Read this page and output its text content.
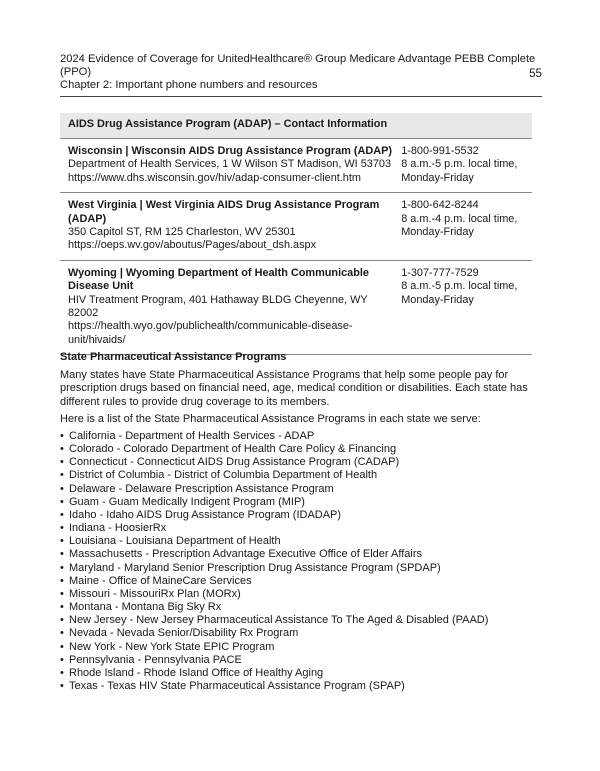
2024 Evidence of Coverage for UnitedHealthcare® Group Medicare Advantage PEBB Complete
(PPO)
Chapter 2: Important phone numbers and resources
55
AIDS Drug Assistance Program (ADAP) – Contact Information
Wisconsin | Wisconsin AIDS Drug Assistance Program (ADAP)
Department of Health Services, 1 W Wilson ST Madison, WI 53703
https://www.dhs.wisconsin.gov/hiv/adap-consumer-client.htm
1-800-991-5532
8 a.m.-5 p.m. local time,
Monday-Friday
West Virginia | West Virginia AIDS Drug Assistance Program (ADAP)
350 Capitol ST, RM 125 Charleston, WV 25301
https://oeps.wv.gov/aboutus/Pages/about_dsh.aspx
1-800-642-8244
8 a.m.-4 p.m. local time,
Monday-Friday
Wyoming | Wyoming Department of Health Communicable Disease Unit
HIV Treatment Program, 401 Hathaway BLDG Cheyenne, WY 82002
https://health.wyo.gov/publichealth/communicable-disease-unit/hivaids/
1-307-777-7529
8 a.m.-5 p.m. local time,
Monday-Friday
State Pharmaceutical Assistance Programs

Many states have State Pharmaceutical Assistance Programs that help some people pay for prescription drugs based on financial need, age, medical condition or disabilities. Each state has different rules to provide drug coverage to its members.

Here is a list of the State Pharmaceutical Assistance Programs in each state we serve:

• California - Department of Health Services - ADAP
• Colorado - Colorado Department of Health Care Policy & Financing
• Connecticut - Connecticut AIDS Drug Assistance Program (CADAP)
• District of Columbia - District of Columbia Department of Health
• Delaware - Delaware Prescription Assistance Program
• Guam - Guam Medically Indigent Program (MIP)
• Idaho - Idaho AIDS Drug Assistance Program (IDADAP)
• Indiana - HoosierRx
• Louisiana - Louisiana Department of Health
• Massachusetts - Prescription Advantage Executive Office of Elder Affairs
• Maryland - Maryland Senior Prescription Drug Assistance Program (SPDAP)
• Maine - Office of MaineCare Services
• Missouri - MissouriRx Plan (MORx)
• Montana - Montana Big Sky Rx
• New Jersey - New Jersey Pharmaceutical Assistance To The Aged & Disabled (PAAD)
• Nevada - Nevada Senior/Disability Rx Program
• New York - New York State EPIC Program
• Pennsylvania - Pennsylvania PACE
• Rhode Island - Rhode Island Office of Healthy Aging
• Texas - Texas HIV State Pharmaceutical Assistance Program (SPAP)
